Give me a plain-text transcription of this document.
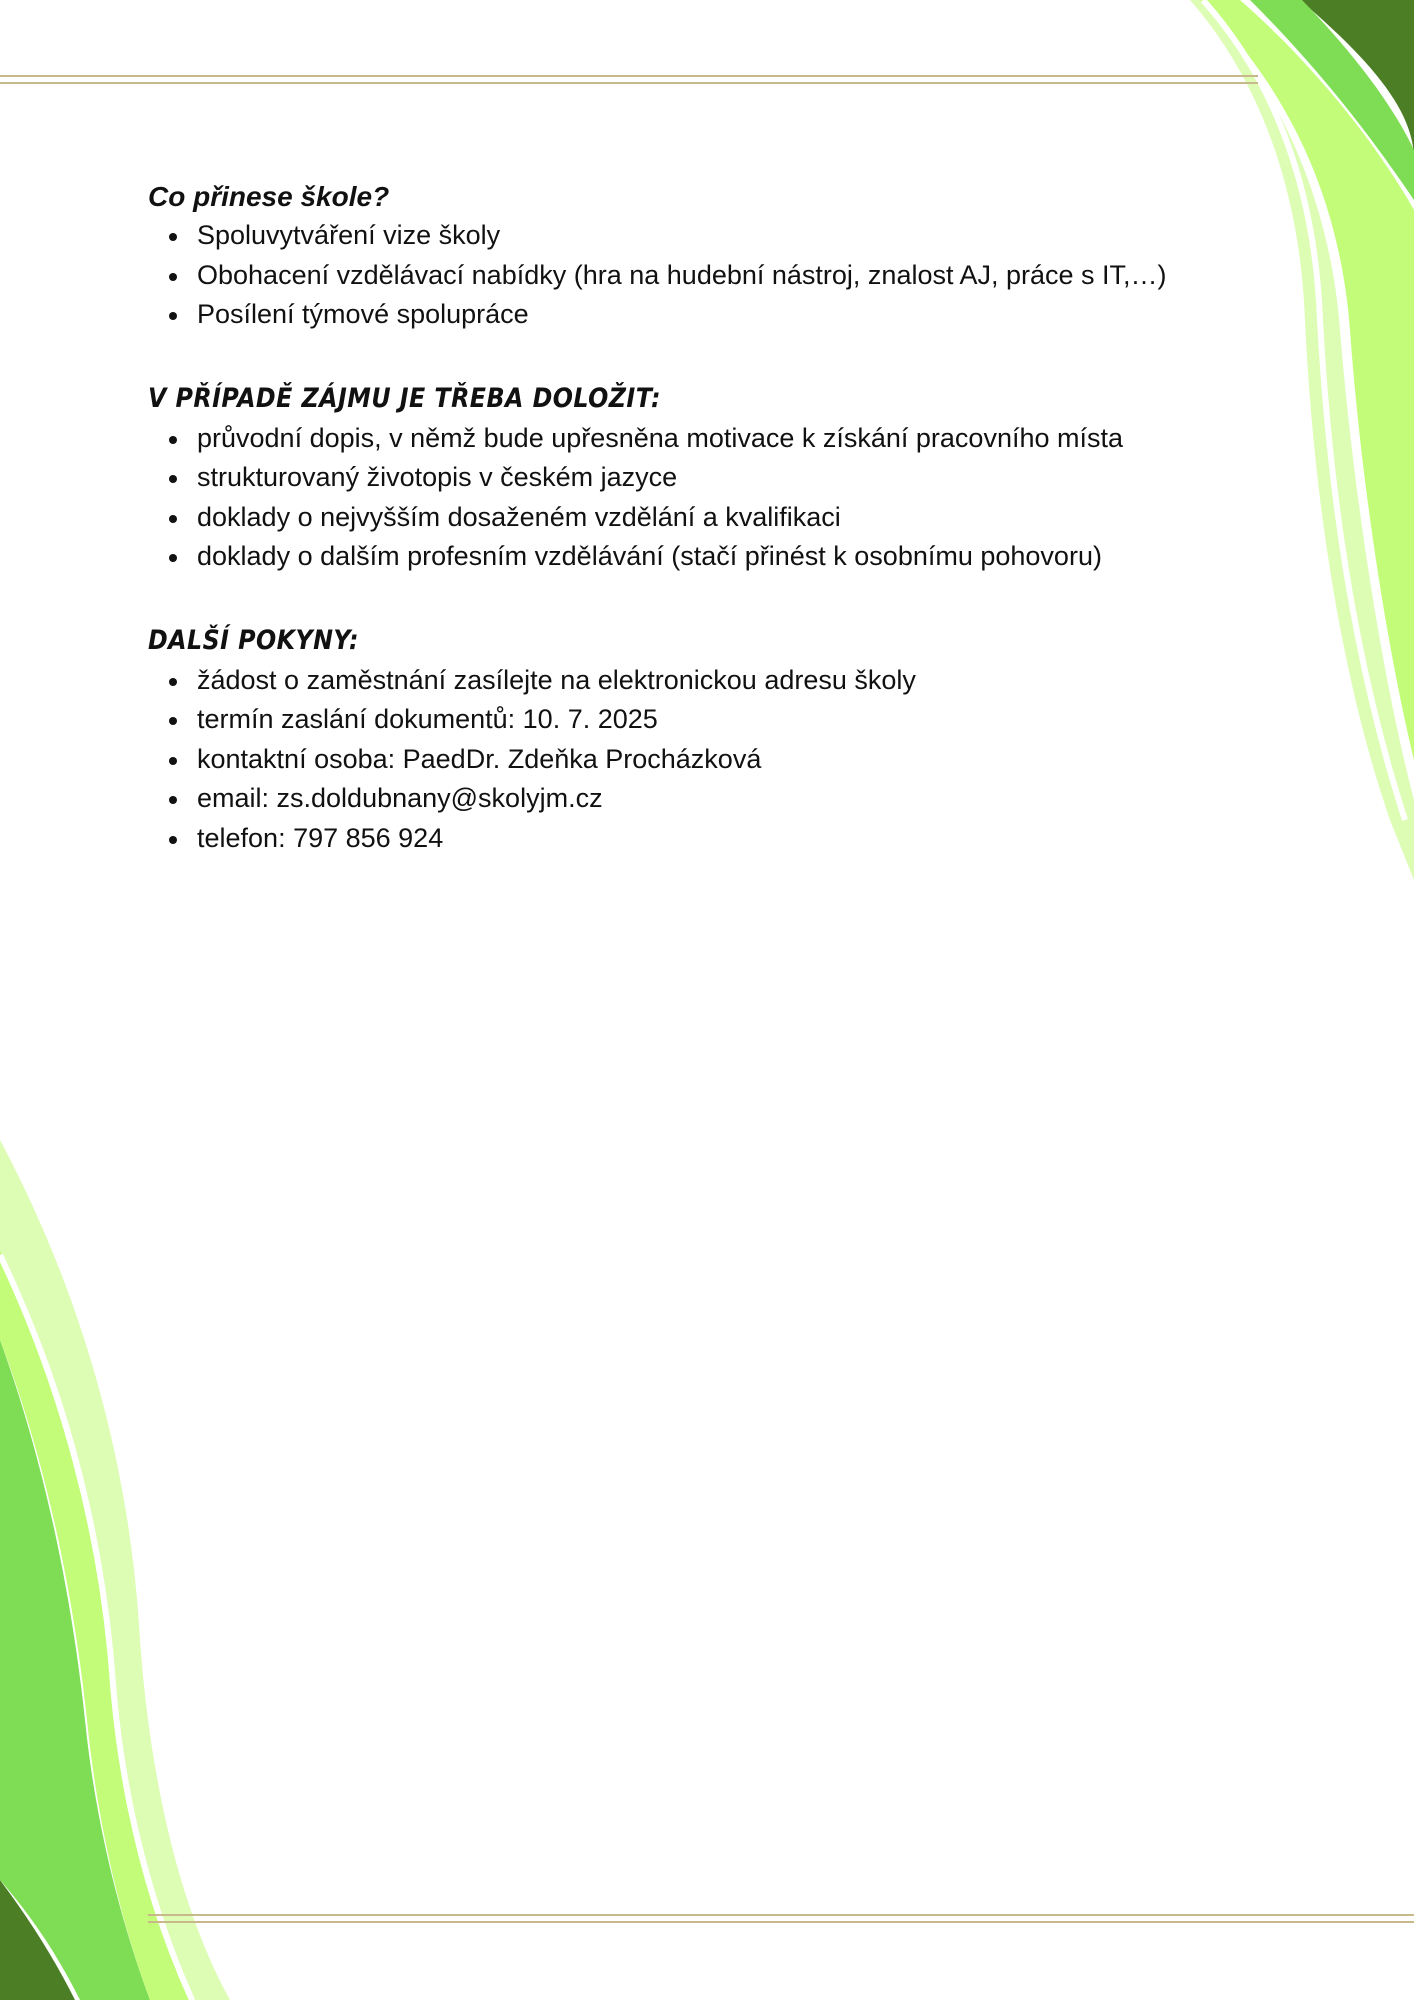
Co přinese škole?

Spoluvytváření vize školy
Obohacení vzdělávací nabídky (hra na hudební nástroj, znalost AJ, práce s IT,…)
Posílení týmové spolupráce

V PŘÍPADĚ ZÁJMU JE TŘEBA DOLOŽIT:

průvodní dopis, v němž bude upřesněna motivace k získání pracovního místa
strukturovaný životopis v českém jazyce
doklady o nejvyšším dosaženém vzdělání a kvalifikaci
doklady o dalším profesním vzdělávání (stačí přinést k osobnímu pohovoru)

DALŠÍ POKYNY:

žádost o zaměstnání zasílejte na elektronickou adresu školy
termín zaslání dokumentů: 10. 7. 2025
kontaktní osoba: PaedDr. Zdeňka Procházková
email: zs.doldubnany@skolyjm.cz
telefon: 797 856 924
